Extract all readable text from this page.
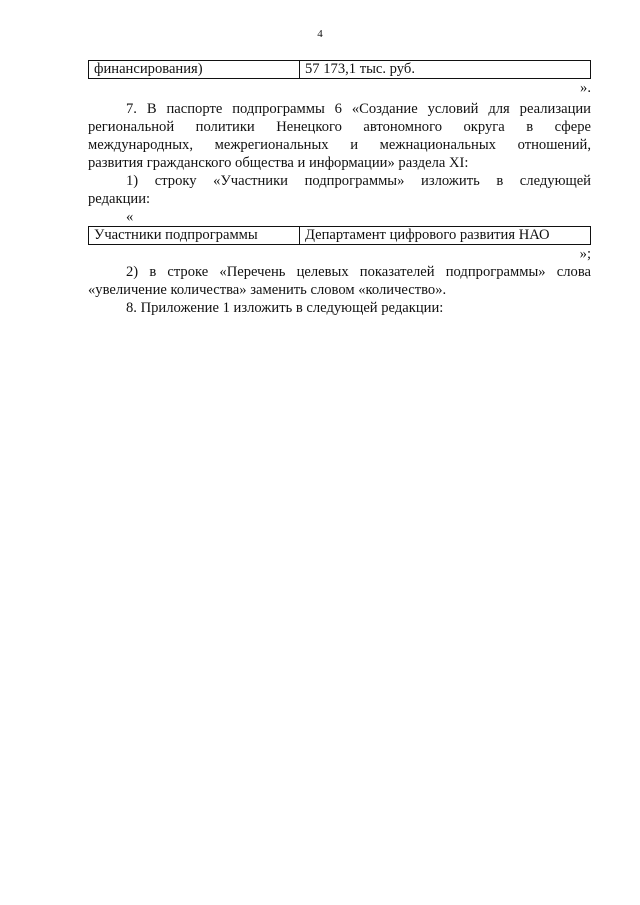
4
финансирования)	57 173,1 тыс. руб.
».
7. В паспорте подпрограммы 6 «Создание условий для реализации
региональной политики Ненецкого автономного округа в сфере
международных, межрегиональных и межнациональных отношений,
развития гражданского общества и информации» раздела XI:
1) строку «Участники подпрограммы» изложить в следующей
редакции:
«
Участники подпрограммы	Департамент цифрового развития НАО
»;
2) в строке «Перечень целевых показателей подпрограммы» слова
«увеличение количества» заменить словом «количество».
8. Приложение 1 изложить в следующей редакции:
